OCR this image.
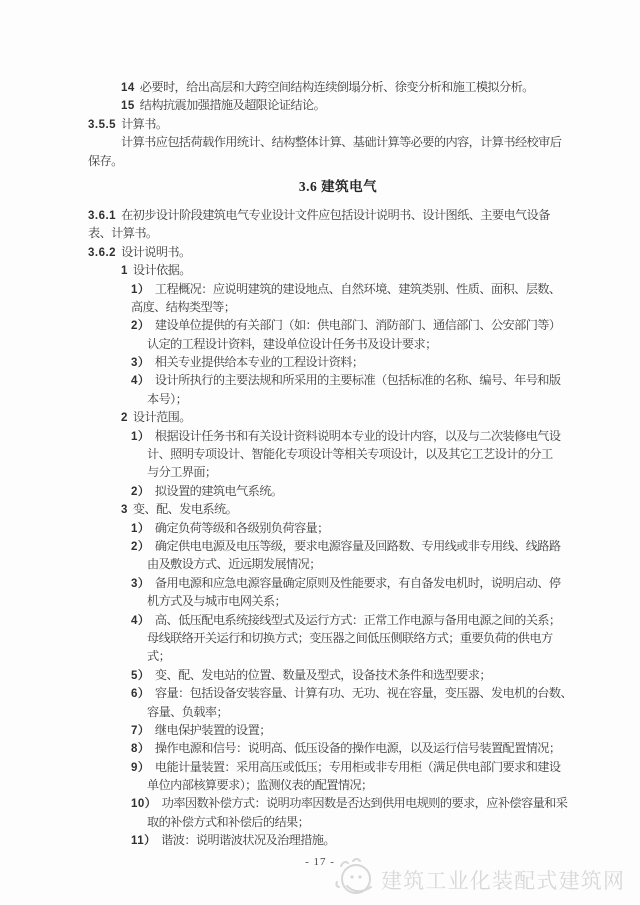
14 必要时，给出高层和大跨空间结构连续倒塌分析、徐变分析和施工模拟分析。
15 结构抗震加强措施及超限论证结论。
3.5.5 计算书。
计算书应包括荷载作用统计、结构整体计算、基础计算等必要的内容，计算书经校审后
保存。
3.6 建筑电气
3.6.1 在初步设计阶段建筑电气专业设计文件应包括设计说明书、设计图纸、主要电气设备
表、计算书。
3.6.2 设计说明书。
1 设计依据。
1） 工程概况：应说明建筑的建设地点、自然环境、建筑类别、性质、面积、层数、
高度、结构类型等；
2） 建设单位提供的有关部门（如：供电部门、消防部门、通信部门、公安部门等）
认定的工程设计资料，建设单位设计任务书及设计要求；
3） 相关专业提供给本专业的工程设计资料；
4） 设计所执行的主要法规和所采用的主要标准（包括标准的名称、编号、年号和版
本号）；
2 设计范围。
1） 根据设计任务书和有关设计资料说明本专业的设计内容，以及与二次装修电气设
计、照明专项设计、智能化专项设计等相关专项设计，以及其它工艺设计的分工
与分工界面；
2） 拟设置的建筑电气系统。
3 变、配、发电系统。
1） 确定负荷等级和各级别负荷容量；
2） 确定供电电源及电压等级，要求电源容量及回路数、专用线或非专用线、线路路
由及敷设方式、近远期发展情况；
3） 备用电源和应急电源容量确定原则及性能要求，有自备发电机时，说明启动、停
机方式及与城市电网关系；
4） 高、低压配电系统接线型式及运行方式：正常工作电源与备用电源之间的关系；
母线联络开关运行和切换方式；变压器之间低压侧联络方式；重要负荷的供电方
式；
5） 变、配、发电站的位置、数量及型式，设备技术条件和选型要求；
6） 容量：包括设备安装容量、计算有功、无功、视在容量，变压器、发电机的台数、
容量、负载率；
7） 继电保护装置的设置；
8） 操作电源和信号：说明高、低压设备的操作电源，以及运行信号装置配置情况；
9） 电能计量装置：采用高压或低压；专用柜或非专用柜（满足供电部门要求和建设
单位内部核算要求）；监测仪表的配置情况；
10） 功率因数补偿方式：说明功率因数是否达到供用电规则的要求，应补偿容量和采
取的补偿方式和补偿后的结果；
11） 谐波：说明谐波状况及治理措施。
- 17 -
建筑工业化装配式建筑网
